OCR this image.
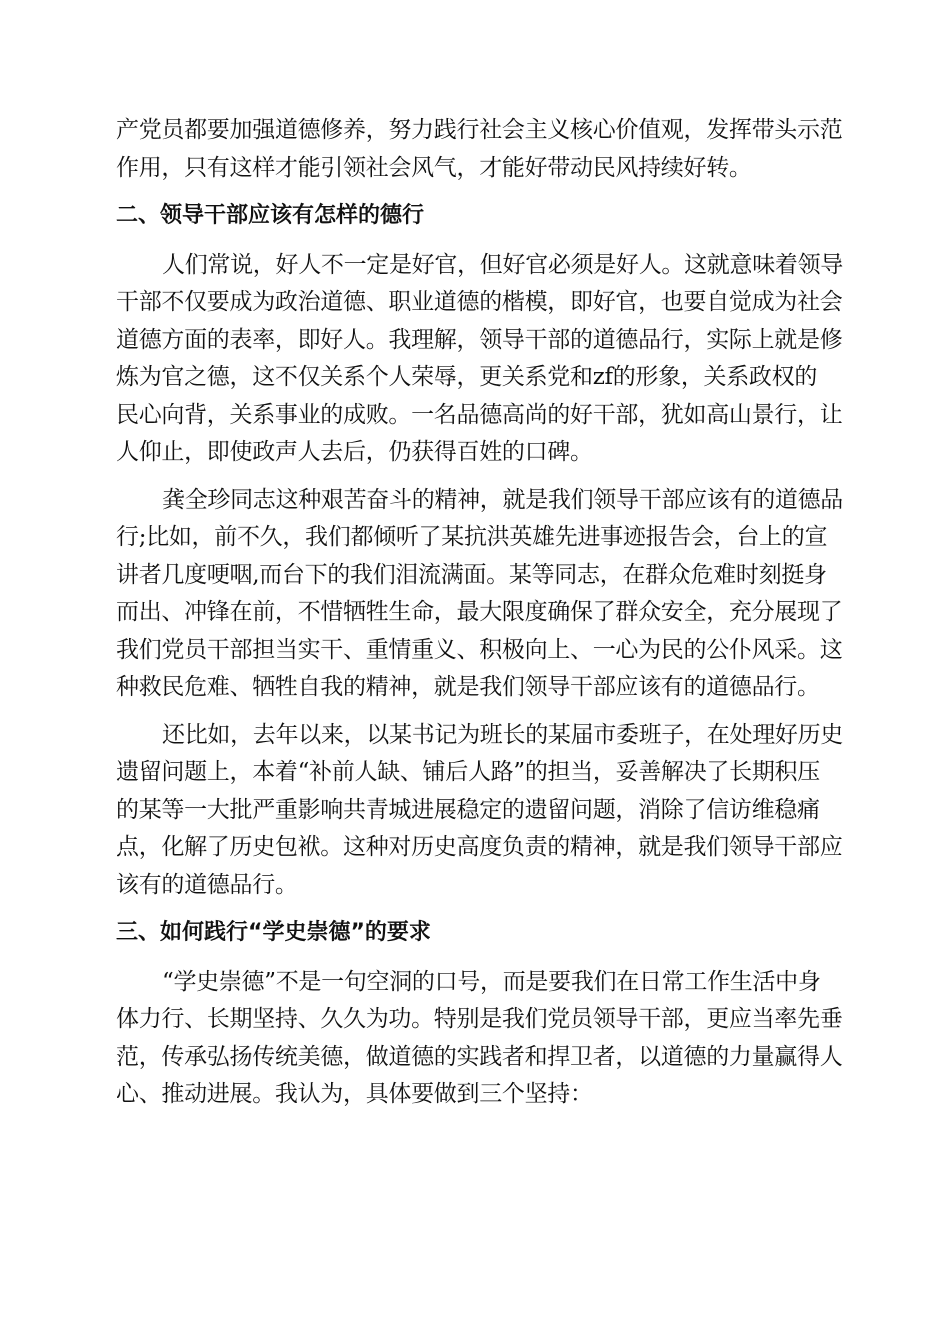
产党员都要加强道德修养，努力践行社会主义核心价值观，发挥带头示范
作用，只有这样才能引领社会风气，才能好带动民风持续好转。
二、领导干部应该有怎样的德行
人们常说，好人不一定是好官，但好官必须是好人。这就意味着领导
干部不仅要成为政治道德、职业道德的楷模，即好官，也要自觉成为社会
道德方面的表率，即好人。我理解，领导干部的道德品行，实际上就是修
炼为官之德，这不仅关系个人荣辱，更关系党和zf的形象，关系政权的
民心向背，关系事业的成败。一名品德高尚的好干部，犹如高山景行，让
人仰止，即使政声人去后，仍获得百姓的口碑。
龚全珍同志这种艰苦奋斗的精神，就是我们领导干部应该有的道德品
行;比如，前不久，我们都倾听了某抗洪英雄先进事迹报告会，台上的宣
讲者几度哽咽,而台下的我们泪流满面。某等同志，在群众危难时刻挺身
而出、冲锋在前，不惜牺牲生命，最大限度确保了群众安全，充分展现了
我们党员干部担当实干、重情重义、积极向上、一心为民的公仆风采。这
种救民危难、牺牲自我的精神，就是我们领导干部应该有的道德品行。
还比如，去年以来，以某书记为班长的某届市委班子，在处理好历史
遗留问题上，本着“补前人缺、铺后人路”的担当，妥善解决了长期积压
的某等一大批严重影响共青城进展稳定的遗留问题，消除了信访维稳痛
点，化解了历史包袱。这种对历史高度负责的精神，就是我们领导干部应
该有的道德品行。
三、如何践行“学史崇德”的要求
“学史崇德”不是一句空洞的口号，而是要我们在日常工作生活中身
体力行、长期坚持、久久为功。特别是我们党员领导干部，更应当率先垂
范，传承弘扬传统美德，做道德的实践者和捍卫者，以道德的力量赢得人
心、推动进展。我认为，具体要做到三个坚持：
